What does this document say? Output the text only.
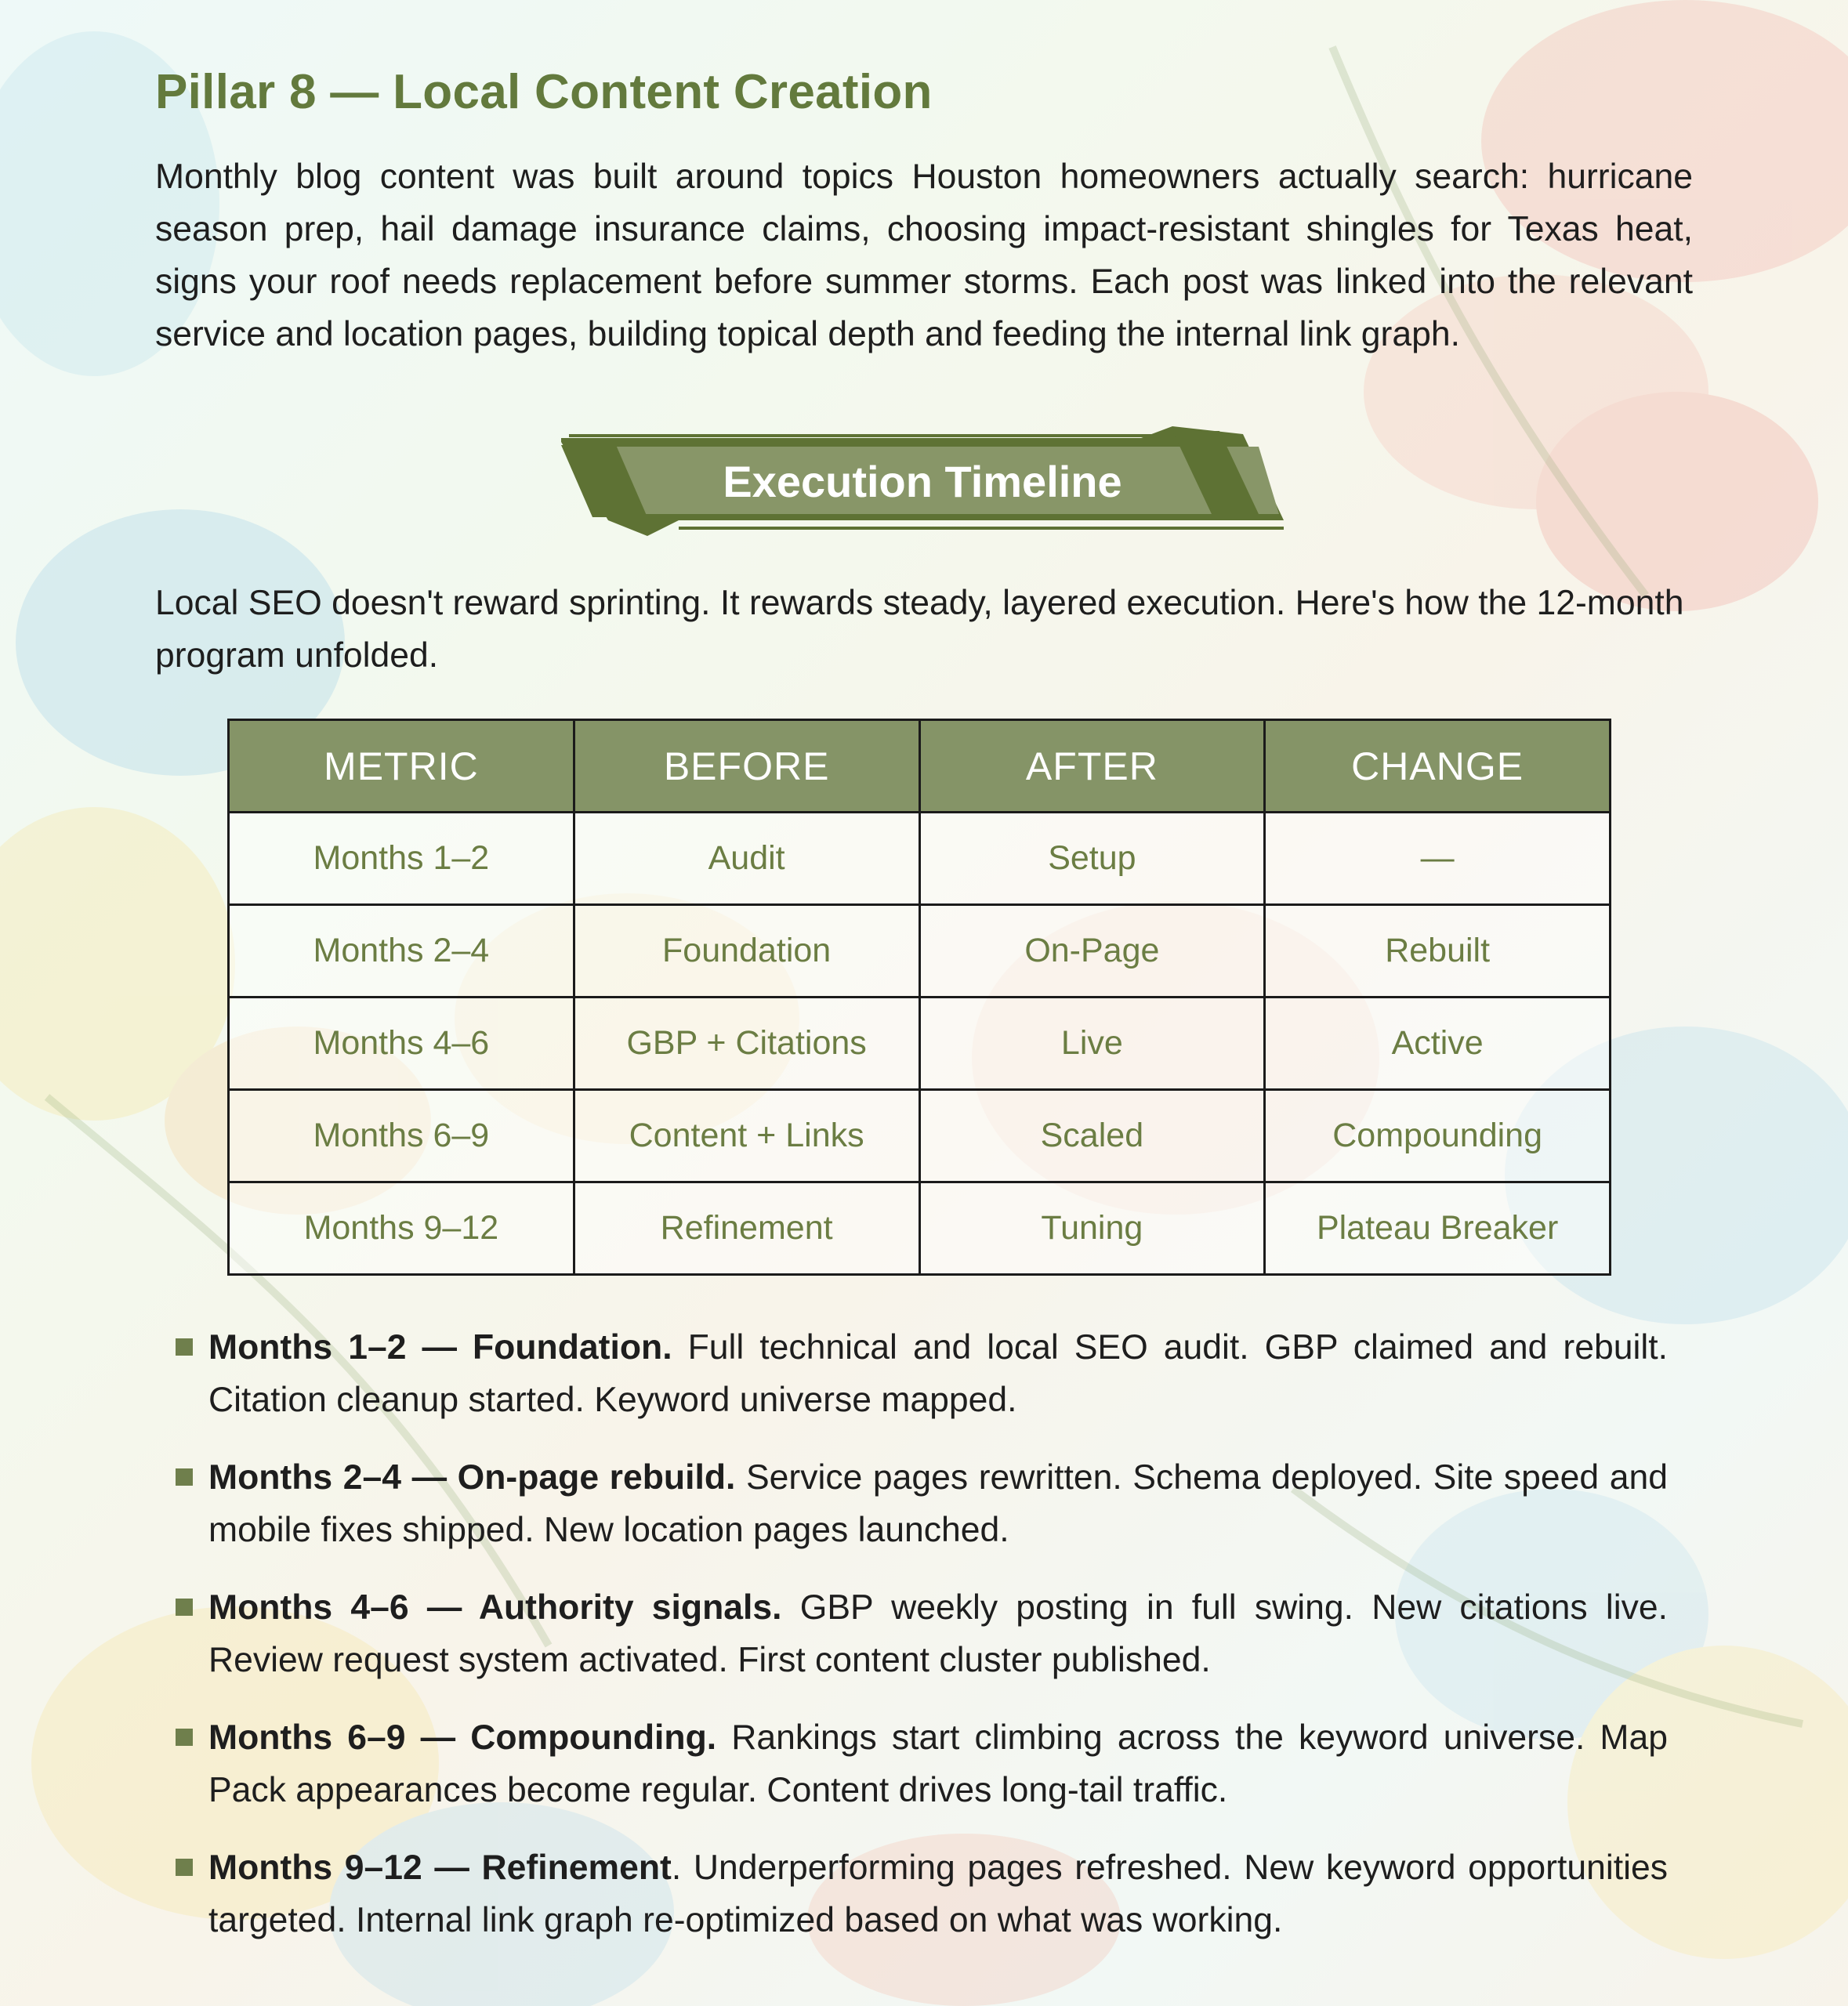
Pillar 8 — Local Content Creation

Monthly blog content was built around topics Houston homeowners actually search: hurricane season prep, hail damage insurance claims, choosing impact-resistant shingles for Texas heat, signs your roof needs replacement before summer storms. Each post was linked into the relevant service and location pages, building topical depth and feeding the internal link graph.

Execution Timeline

Local SEO doesn't reward sprinting. It rewards steady, layered execution. Here's how the 12-month program unfolded.

METRIC	BEFORE	AFTER	CHANGE
Months 1–2	Audit	Setup	—
Months 2–4	Foundation	On-Page	Rebuilt
Months 4–6	GBP + Citations	Live	Active
Months 6–9	Content + Links	Scaled	Compounding
Months 9–12	Refinement	Tuning	Plateau Breaker
Months 1–2 — Foundation. Full technical and local SEO audit. GBP claimed and rebuilt. Citation cleanup started. Keyword universe mapped.
Months 2–4 — On-page rebuild. Service pages rewritten. Schema deployed. Site speed and mobile fixes shipped. New location pages launched.
Months 4–6 — Authority signals. GBP weekly posting in full swing. New citations live. Review request system activated. First content cluster published.
Months 6–9 — Compounding. Rankings start climbing across the keyword universe. Map Pack appearances become regular. Content drives long-tail traffic.
Months 9–12 — Refinement. Underperforming pages refreshed. New keyword opportunities targeted. Internal link graph re-optimized based on what was working.
